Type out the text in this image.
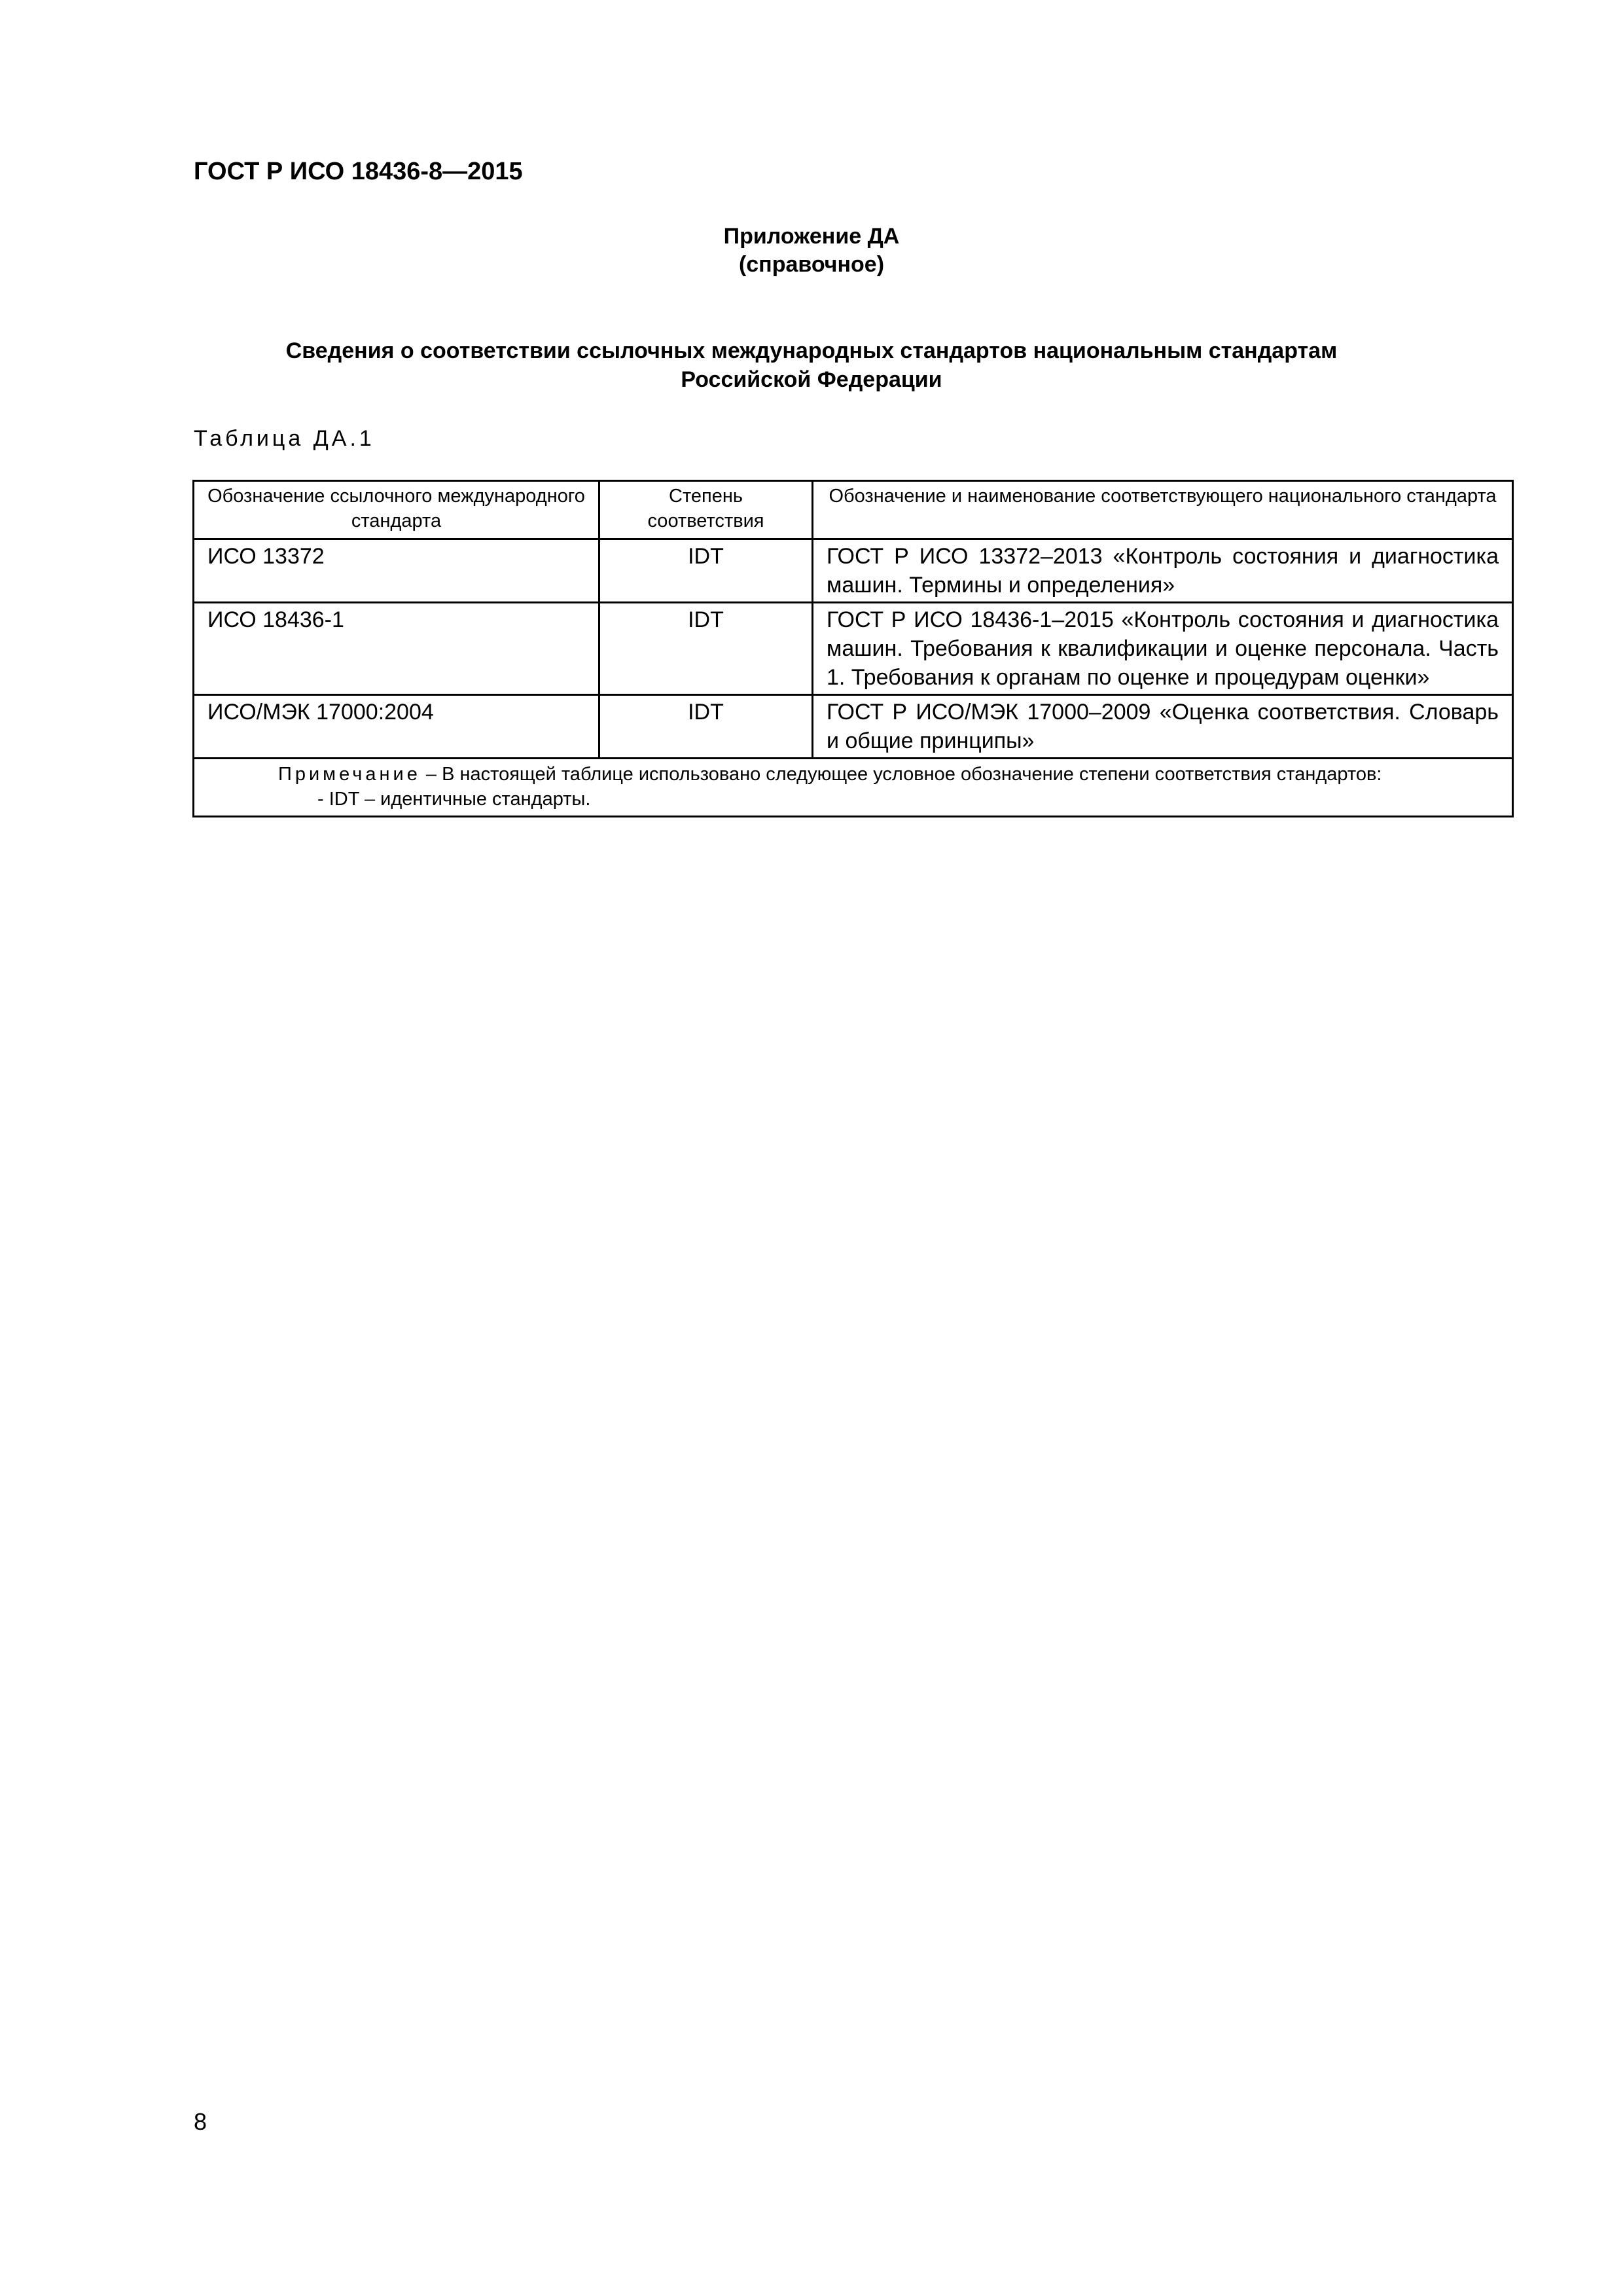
ГОСТ Р ИСО 18436-8—2015
Приложение ДА
(справочное)
Сведения о соответствии ссылочных международных стандартов национальным стандартам
Российской Федерации
Таблица ДА.1
Обозначение ссылочного международного стандарта	Степень соответствия	Обозначение и наименование соответствующего национального стандарта
ИСО 13372	IDT	ГОСТ Р ИСО 13372–2013 «Контроль состояния и диагностика машин. Термины и определения»
ИСО 18436-1	IDT	ГОСТ Р ИСО 18436-1–2015 «Контроль состояния и диагностика машин. Требования к квалификации и оценке персонала. Часть 1. Требования к органам по оценке и процедурам оценки»
ИСО/МЭК 17000:2004	IDT	ГОСТ Р ИСО/МЭК 17000–2009 «Оценка соответствия. Словарь и общие принципы»

Примечание – В настоящей таблице использовано следующее условное обозначение степени соответствия стандартов:
- IDT – идентичные стандарты.		
8
